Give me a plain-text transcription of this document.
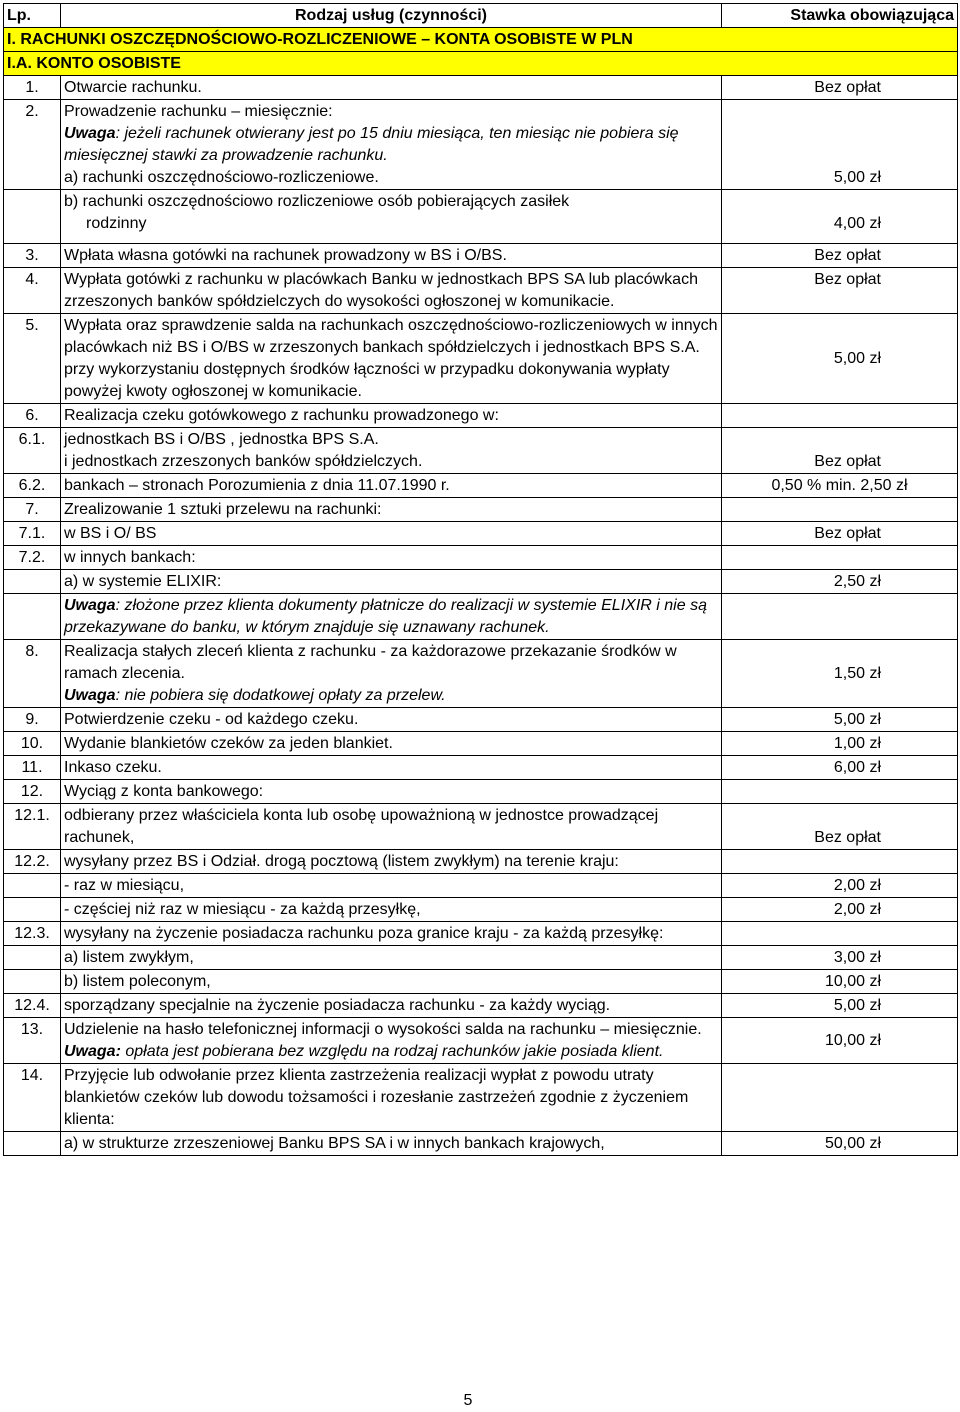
Lp.	Rodzaj usług (czynności)	Stawka obowiązująca
I. RACHUNKI OSZCZĘDNOŚCIOWO-ROZLICZENIOWE – KONTA OSOBISTE W PLN		
I.A. KONTO OSOBISTE		
1.	Otwarcie rachunku.	Bez opłat
2.	Prowadzenie rachunku – miesięcznie:
Uwaga: jeżeli rachunek otwierany jest po 15 dniu miesiąca, ten miesiąc nie pobiera się miesięcznej stawki za prowadzenie rachunku.
a) rachunki oszczędnościowo-rozliczeniowe.	5,00 zł

	b) rachunki oszczędnościowo rozliczeniowe osób pobierających zasiłek
rodzinny	4,00 zł
3.	Wpłata własna gotówki na rachunek prowadzony w BS i O/BS.	Bez opłat
4.	Wypłata gotówki z rachunku w placówkach Banku w jednostkach BPS SA lub placówkach zrzeszonych banków spółdzielczych do wysokości ogłoszonej w komunikacie.	Bez opłat
5.	Wypłata oraz sprawdzenie salda na rachunkach oszczędnościowo-rozliczeniowych w innych placówkach niż BS i O/BS w zrzeszonych bankach spółdzielczych i jednostkach BPS S.A. przy wykorzystaniu dostępnych środków łączności w przypadku dokonywania wypłaty powyżej kwoty ogłoszonej w komunikacie.	5,00 zł
6.	Realizacja czeku gotówkowego z rachunku prowadzonego w:	
6.1.	jednostkach BS i O/BS , jednostka BPS S.A.
i jednostkach zrzeszonych banków spółdzielczych.	Bez opłat
6.2.	bankach – stronach Porozumienia z dnia 11.07.1990 r.	0,50 % min. 2,50 zł
7.	Zrealizowanie 1 sztuki przelewu na rachunki:	
7.1.	w BS i O/ BS	Bez opłat
7.2.	w innych bankach:	
	a) w systemie ELIXIR:	2,50 zł
	Uwaga: złożone przez klienta dokumenty płatnicze do realizacji w systemie ELIXIR i nie są przekazywane do banku, w którym znajduje się uznawany rachunek.	
8.	Realizacja stałych zleceń klienta z rachunku - za każdorazowe przekazanie środków w ramach zlecenia.
Uwaga: nie pobiera się dodatkowej opłaty za przelew.	1,50 zł
9.	Potwierdzenie czeku - od każdego czeku.	5,00 zł
10.	Wydanie blankietów czeków za jeden blankiet.	1,00 zł
11.	Inkaso czeku.	6,00 zł
12.	Wyciąg z konta bankowego:	
12.1.	odbierany przez właściciela konta lub osobę upoważnioną w jednostce prowadzącej rachunek,	Bez opłat
12.2.	wysyłany przez BS i Odział. drogą pocztową (listem zwykłym) na terenie kraju:	
	- raz w miesiącu,	2,00 zł
	- częściej niż raz w miesiącu - za każdą przesyłkę,	2,00 zł
12.3.	wysyłany na życzenie posiadacza rachunku poza granice kraju - za każdą przesyłkę:	
	a) listem zwykłym,	3,00 zł
	b) listem poleconym,	10,00 zł
12.4.	sporządzany specjalnie na życzenie posiadacza rachunku - za każdy wyciąg.	5,00 zł
13.	Udzielenie na hasło telefonicznej informacji o wysokości salda na rachunku – miesięcznie.
Uwaga: opłata jest pobierana bez względu na rodzaj rachunków jakie posiada klient.	10,00 zł
14.	Przyjęcie lub odwołanie przez klienta zastrzeżenia realizacji wypłat z powodu utraty blankietów czeków lub dowodu tożsamości i rozesłanie zastrzeżeń zgodnie z życzeniem klienta:	
	a) w strukturze zrzeszeniowej Banku BPS SA i w innych bankach krajowych,	50,00 zł
5
